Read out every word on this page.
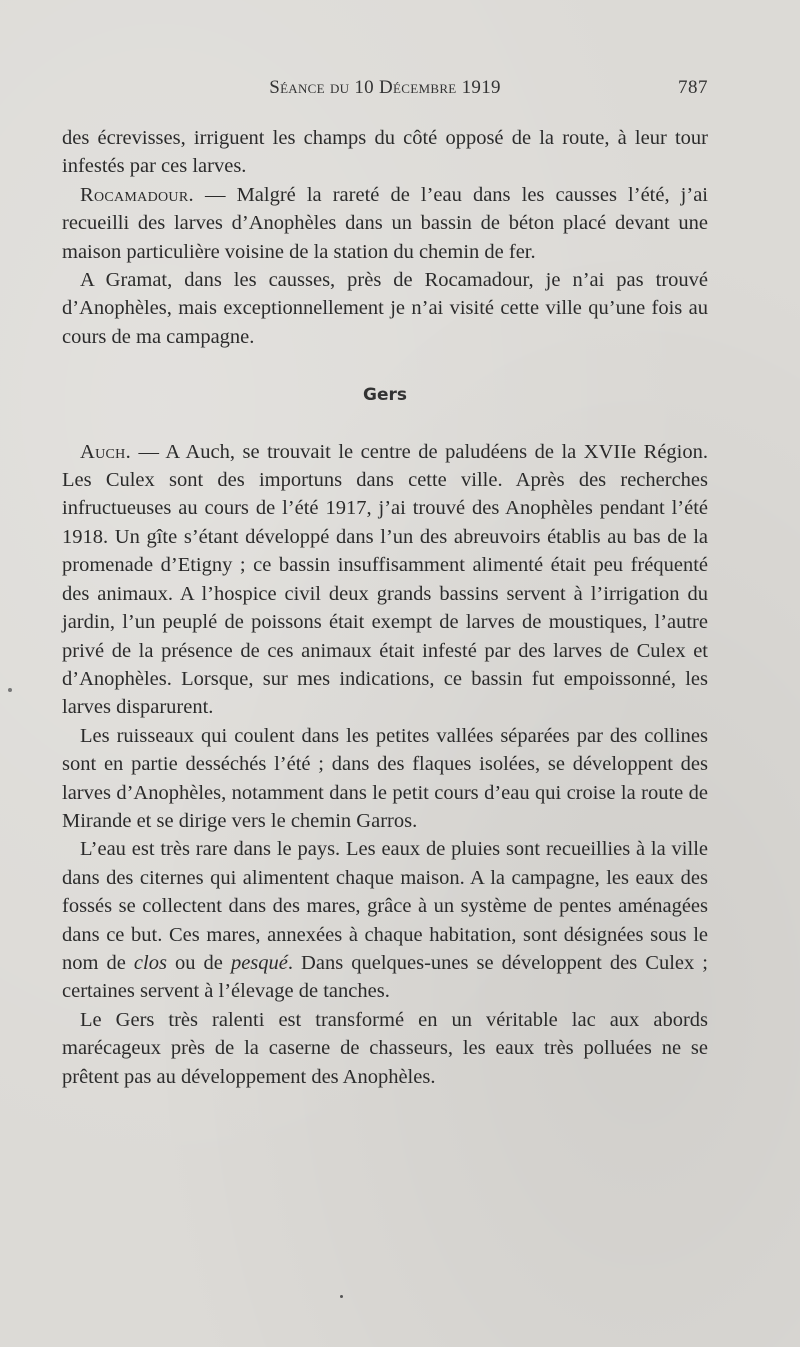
Séance du 10 Décembre 1919	787

des écrevisses, irriguent les champs du côté opposé de la route, à leur tour infestés par ces larves.

Rocamadour. — Malgré la rareté de l’eau dans les causses l’été, j’ai recueilli des larves d’Anophèles dans un bassin de béton placé devant une maison particulière voisine de la station du chemin de fer.

A Gramat, dans les causses, près de Rocamadour, je n’ai pas trouvé d’Anophèles, mais exceptionnellement je n’ai visité cette ville qu’une fois au cours de ma campagne.

Gers

Auch. — A Auch, se trouvait le centre de paludéens de la XVIIe Région. Les Culex sont des importuns dans cette ville. Après des recherches infructueuses au cours de l’été 1917, j’ai trouvé des Anophèles pendant l’été 1918. Un gîte s’étant développé dans l’un des abreuvoirs établis au bas de la promenade d’Etigny ; ce bassin insuffisamment alimenté était peu fréquenté des animaux. A l’hospice civil deux grands bassins servent à l’irrigation du jardin, l’un peuplé de poissons était exempt de larves de moustiques, l’autre privé de la présence de ces animaux était infesté par des larves de Culex et d’Anophèles. Lorsque, sur mes indications, ce bassin fut empoissonné, les larves disparurent.

Les ruisseaux qui coulent dans les petites vallées séparées par des collines sont en partie desséchés l’été ; dans des flaques isolées, se développent des larves d’Anophèles, notamment dans le petit cours d’eau qui croise la route de Mirande et se dirige vers le chemin Garros.

L’eau est très rare dans le pays. Les eaux de pluies sont recueillies à la ville dans des citernes qui alimentent chaque maison. A la campagne, les eaux des fossés se collectent dans des mares, grâce à un système de pentes aménagées dans ce but. Ces mares, annexées à chaque habitation, sont désignées sous le nom de clos ou de pesqué. Dans quelques-unes se développent des Culex ; certaines servent à l’élevage de tanches.

Le Gers très ralenti est transformé en un véritable lac aux abords marécageux près de la caserne de chasseurs, les eaux très polluées ne se prêtent pas au développement des Anophèles.
